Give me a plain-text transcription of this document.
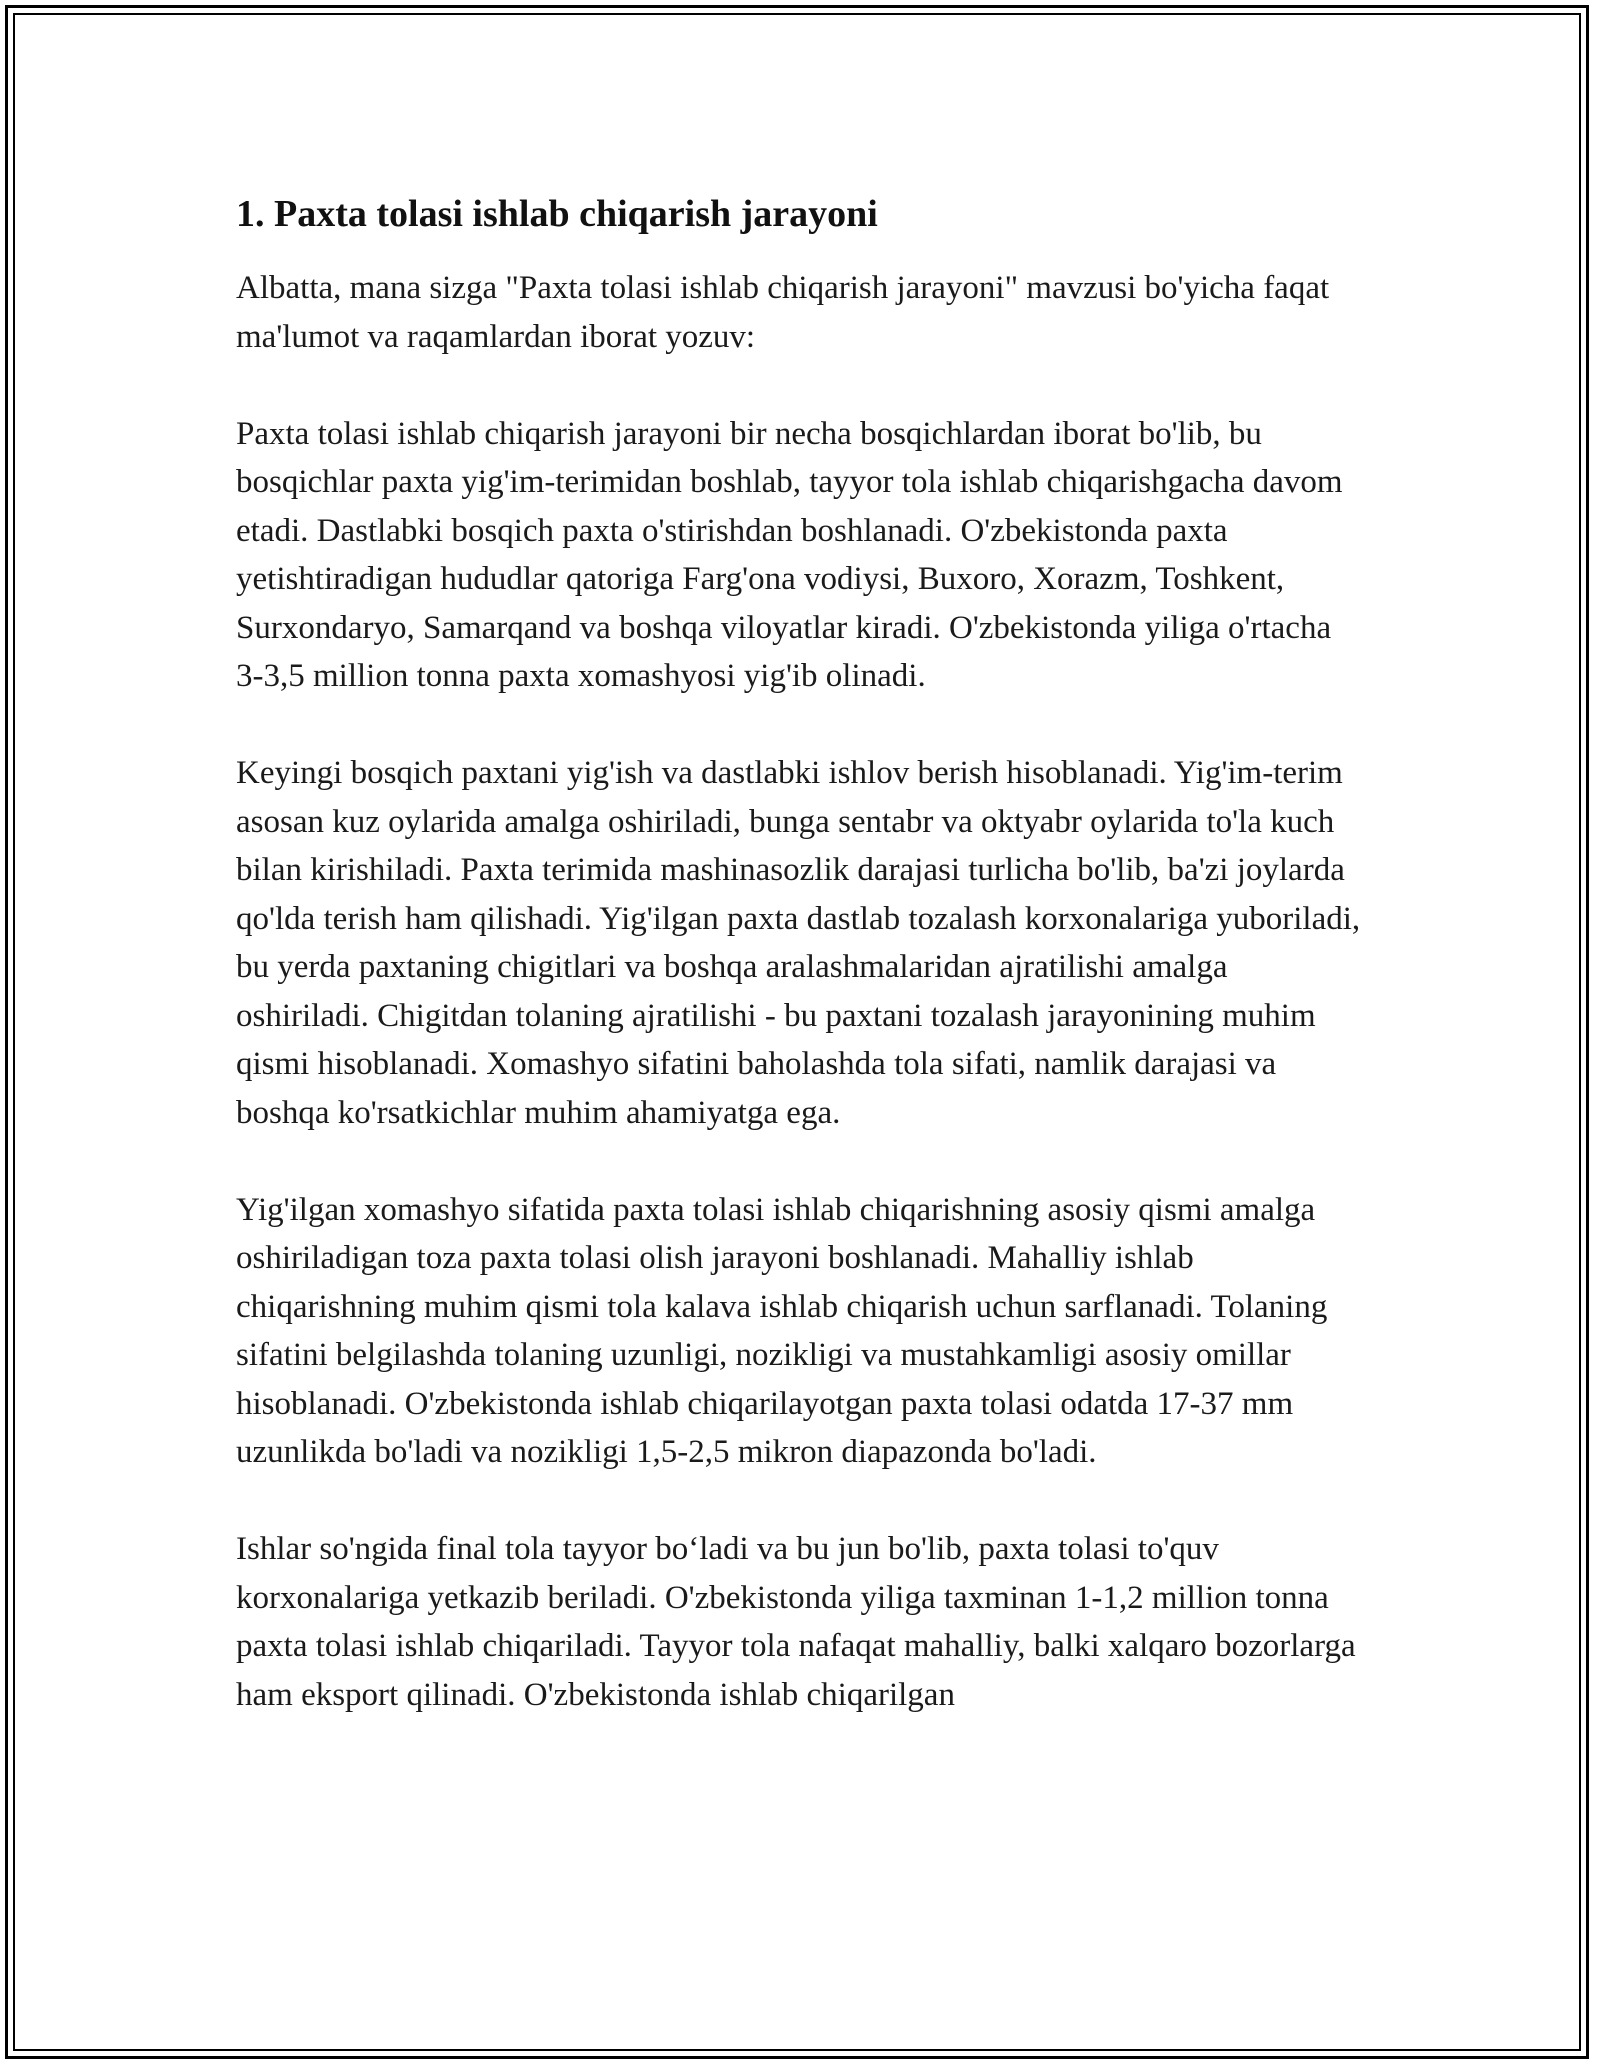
1. Paxta tolasi ishlab chiqarish jarayoni

Albatta, mana sizga "Paxta tolasi ishlab chiqarish jarayoni" mavzusi bo'yicha faqat ma'lumot va raqamlardan iborat yozuv:

Paxta tolasi ishlab chiqarish jarayoni bir necha bosqichlardan iborat bo'lib, bu bosqichlar paxta yig'im-terimidan boshlab, tayyor tola ishlab chiqarishgacha davom etadi. Dastlabki bosqich paxta o'stirishdan boshlanadi. O'zbekistonda paxta yetishtiradigan hududlar qatoriga Farg'ona vodiysi, Buxoro, Xorazm, Toshkent, Surxondaryo, Samarqand va boshqa viloyatlar kiradi. O'zbekistonda yiliga o'rtacha 3-3,5 million tonna paxta xomashyosi yig'ib olinadi.

Keyingi bosqich paxtani yig'ish va dastlabki ishlov berish hisoblanadi. Yig'im-terim asosan kuz oylarida amalga oshiriladi, bunga sentabr va oktyabr oylarida to'la kuch bilan kirishiladi. Paxta terimida mashinasozlik darajasi turlicha bo'lib, ba'zi joylarda qo'lda terish ham qilishadi. Yig'ilgan paxta dastlab tozalash korxonalariga yuboriladi, bu yerda paxtaning chigitlari va boshqa aralashmalaridan ajratilishi amalga oshiriladi. Chigitdan tolaning ajratilishi - bu paxtani tozalash jarayonining muhim qismi hisoblanadi. Xomashyo sifatini baholashda tola sifati, namlik darajasi va boshqa ko'rsatkichlar muhim ahamiyatga ega.

Yig'ilgan xomashyo sifatida paxta tolasi ishlab chiqarishning asosiy qismi amalga oshiriladigan toza paxta tolasi olish jarayoni boshlanadi. Mahalliy ishlab chiqarishning muhim qismi tola kalava ishlab chiqarish uchun sarflanadi. Tolaning sifatini belgilashda tolaning uzunligi, nozikligi va mustahkamligi asosiy omillar hisoblanadi. O'zbekistonda ishlab chiqarilayotgan paxta tolasi odatda 17-37 mm uzunlikda bo'ladi va nozikligi 1,5-2,5 mikron diapazonda bo'ladi.

Ishlar so'ngida final tola tayyor bo‘ladi va bu jun bo'lib, paxta tolasi to'quv korxonalariga yetkazib beriladi. O'zbekistonda yiliga taxminan 1-1,2 million tonna paxta tolasi ishlab chiqariladi. Tayyor tola nafaqat mahalliy, balki xalqaro bozorlarga ham eksport qilinadi. O'zbekistonda ishlab chiqarilgan
